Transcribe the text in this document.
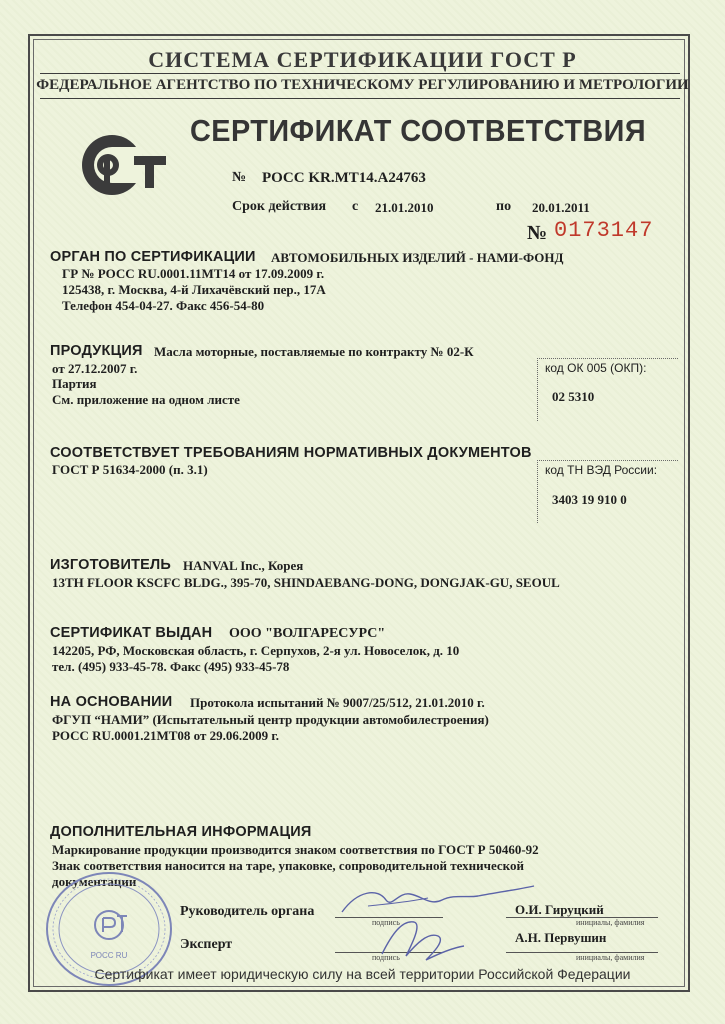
СИСТЕМА СЕРТИФИКАЦИИ ГОСТ Р
ФЕДЕРАЛЬНОЕ АГЕНТСТВО ПО ТЕХНИЧЕСКОМУ РЕГУЛИРОВАНИЮ И МЕТРОЛОГИИ
СЕРТИФИКАТ СООТВЕТСТВИЯ
№ РОСС KR.MT14.A24763
Срок действия с 21.01.2010	по 20.01.2011
№ 0173147
ОРГАН ПО СЕРТИФИКАЦИИ АВТОМОБИЛЬНЫХ ИЗДЕЛИЙ - НАМИ-ФОНД
ГР № РОСС RU.0001.11MT14 от 17.09.2009 г.
125438, г. Москва, 4-й Лихачёвский пер., 17А
Телефон 454-04-27. Факс 456-54-80
ПРОДУКЦИЯ Масла моторные, поставляемые по контракту № 02-К
от 27.12.2007 г.
Партия
См. приложение на одном листе
код ОК 005 (ОКП):
02 5310
СООТВЕТСТВУЕТ ТРЕБОВАНИЯМ НОРМАТИВНЫХ ДОКУМЕНТОВ
ГОСТ Р 51634-2000 (п. 3.1)	код ТН ВЭД России:
3403 19 910 0
ИЗГОТОВИТЕЛЬ HANVAL Inc., Корея
13TH FLOOR KSCFC BLDG., 395-70, SHINDAEBANG-DONG, DONGJAK-GU, SEOUL
СЕРТИФИКАТ ВЫДАН ООО "ВОЛГАРЕСУРС"
142205, РФ, Московская область, г. Серпухов, 2-я ул. Новоселок, д. 10
тел. (495) 933-45-78. Факс (495) 933-45-78
НА ОСНОВАНИИ Протокола испытаний № 9007/25/512, 21.01.2010 г.
ФГУП “НАМИ” (Испытательный центр продукции автомобилестроения)
РОСС RU.0001.21MT08 от 29.06.2009 г.
ДОПОЛНИТЕЛЬНАЯ ИНФОРМАЦИЯ
Маркирование продукции производится знаком соответствия по ГОСТ Р 50460-92
Знак соответствия наносится на таре, упаковке, сопроводительной технической
документации
РОСС RU
Руководитель органа
подпись
О.И. Гируцкий
инициалы, фамилия
Эксперт
подпись
А.Н. Первушин
инициалы, фамилия
Сертификат имеет юридическую силу на всей территории Российской Федерации
